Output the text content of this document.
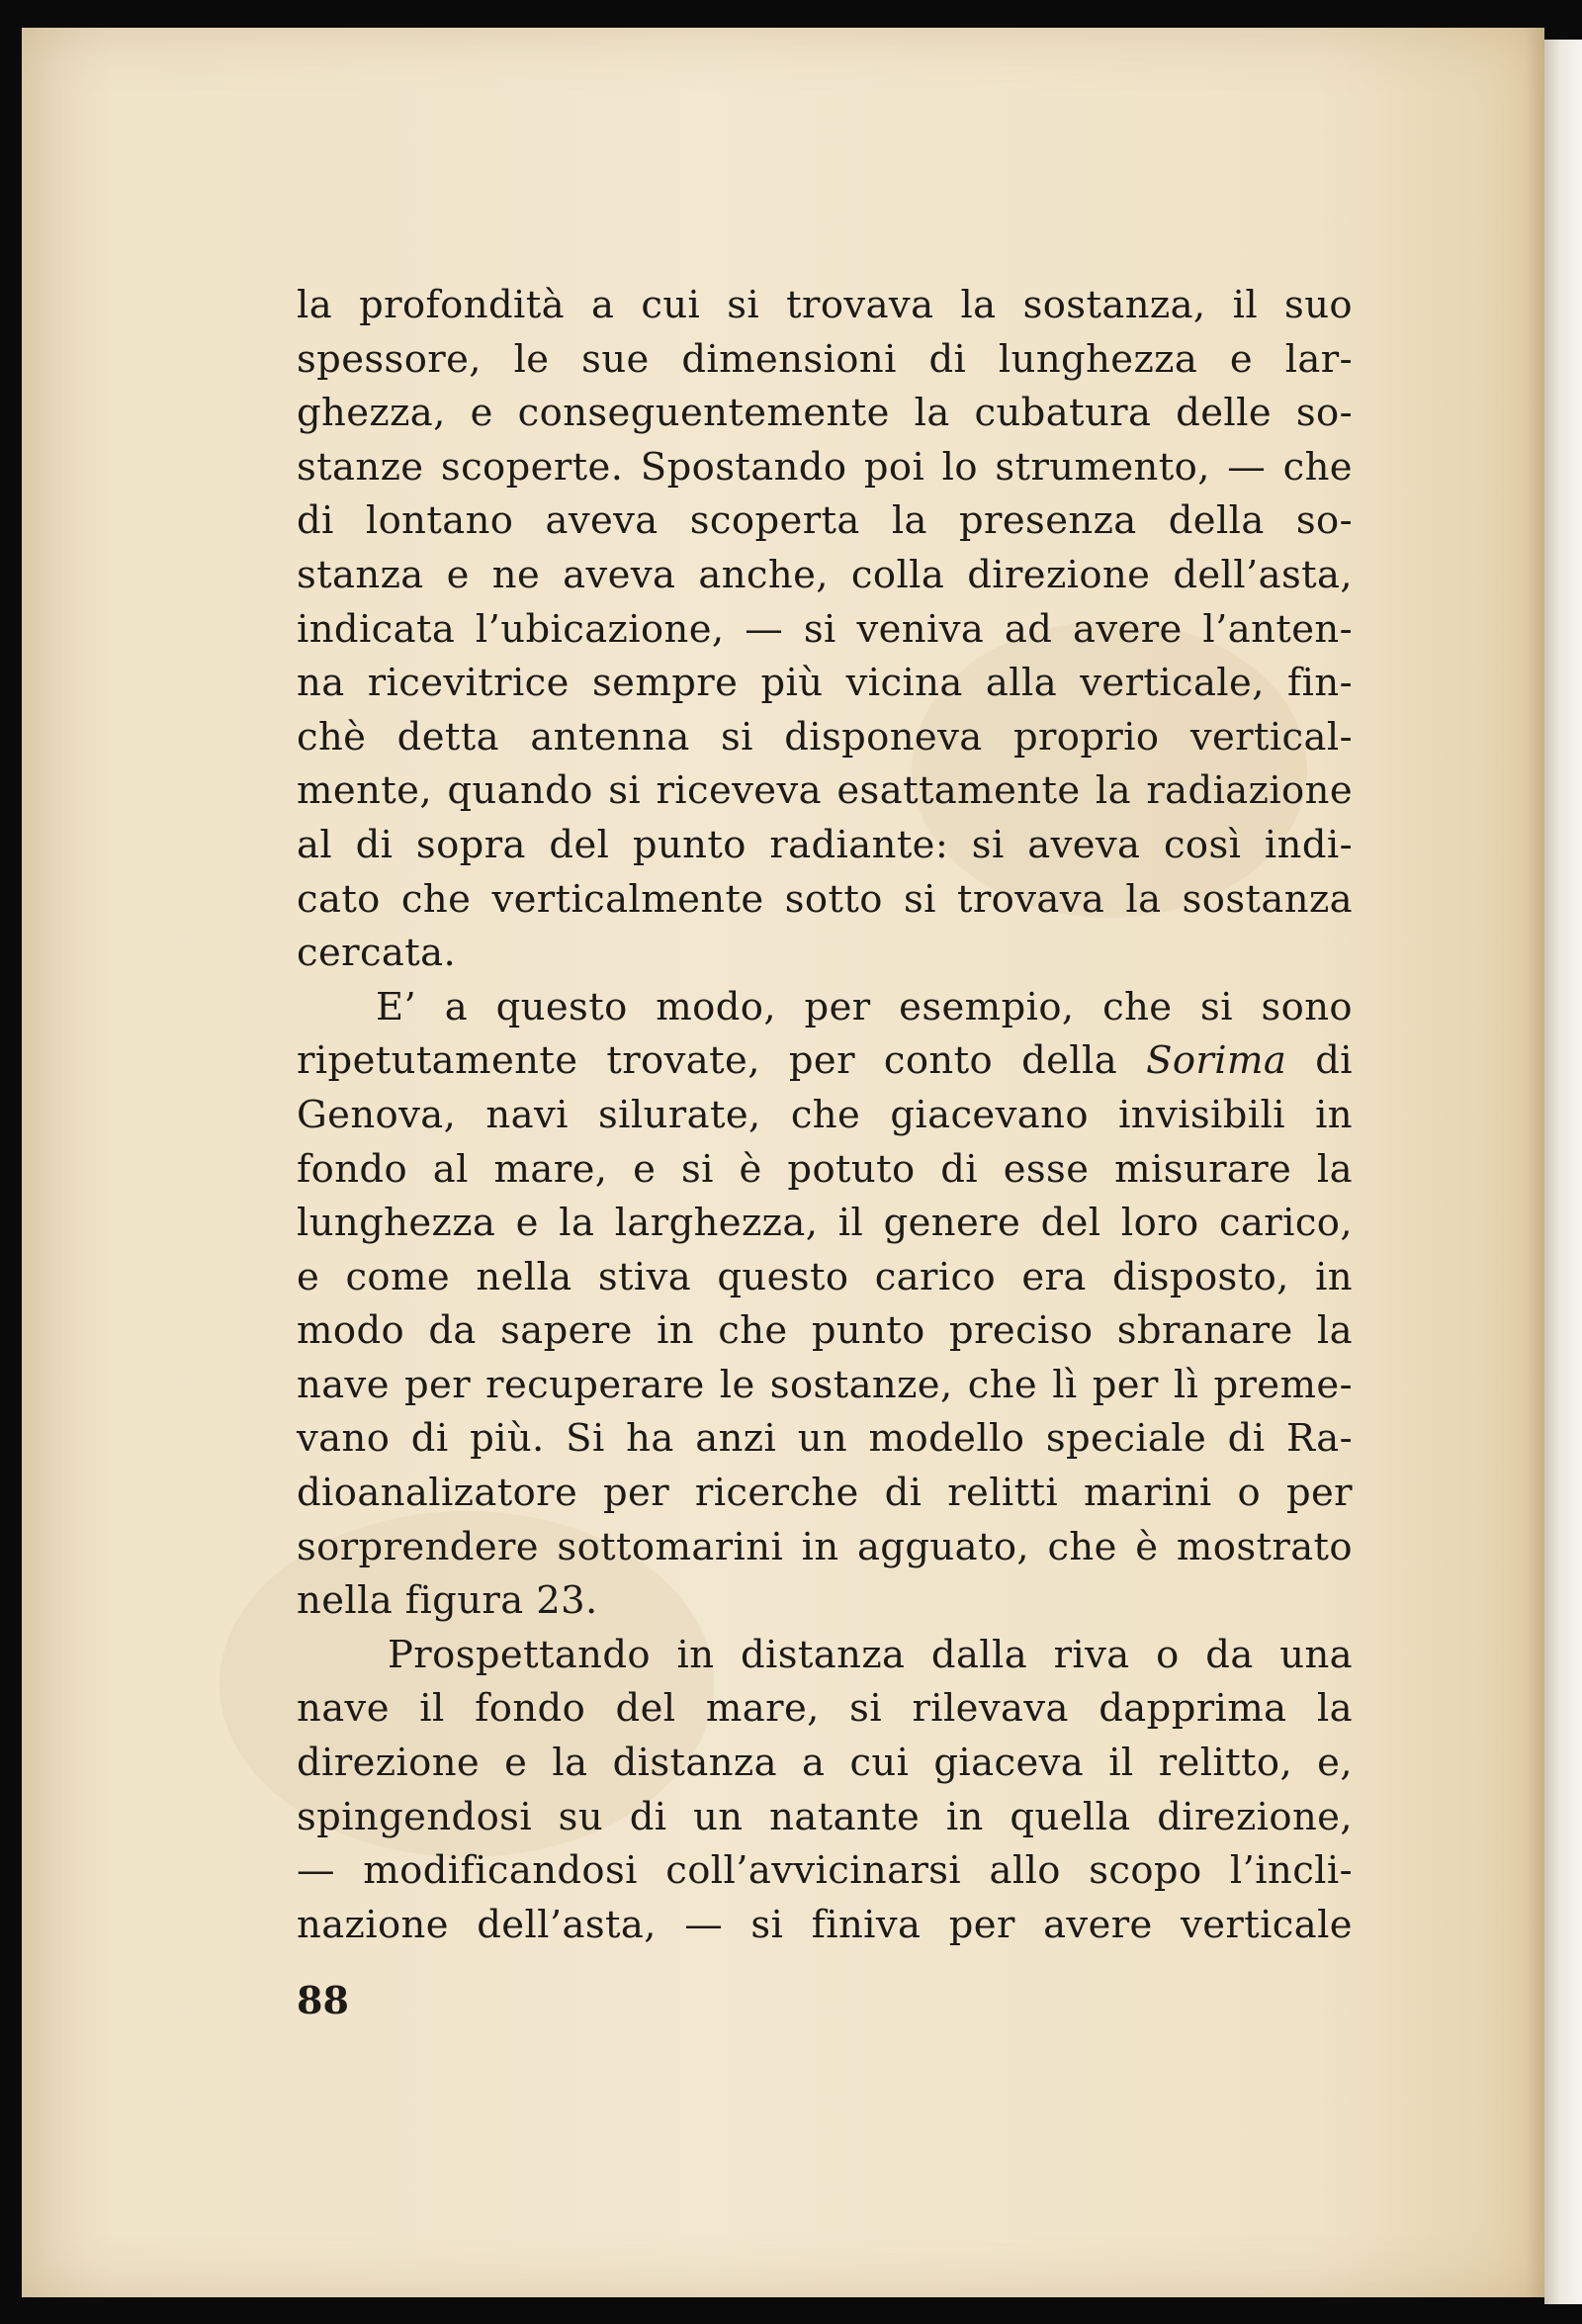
la profondità a cui si trovava la sostanza, il suo

spessore, le sue dimensioni di lunghezza e lar-

ghezza, e conseguentemente la cubatura delle so-

stanze scoperte. Spostando poi lo strumento, — che

di lontano aveva scoperta la presenza della so-

stanza e ne aveva anche, colla direzione dell’asta,

indicata l’ubicazione, — si veniva ad avere l’anten-

na ricevitrice sempre più vicina alla verticale, fin-

chè detta antenna si disponeva proprio vertical-

mente, quando si riceveva esattamente la radiazione

al di sopra del punto radiante: si aveva così indi-

cato che verticalmente sotto si trovava la sostanza

cercata.

E’ a questo modo, per esempio, che si sono

ripetutamente trovate, per conto della Sorima di

Genova, navi silurate, che giacevano invisibili in

fondo al mare, e si è potuto di esse misurare la

lunghezza e la larghezza, il genere del loro carico,

e come nella stiva questo carico era disposto, in

modo da sapere in che punto preciso sbranare la

nave per recuperare le sostanze, che lì per lì preme-

vano di più. Si ha anzi un modello speciale di Ra-

dioanalizatore per ricerche di relitti marini o per

sorprendere sottomarini in agguato, che è mostrato

nella figura 23.

Prospettando in distanza dalla riva o da una

nave il fondo del mare, si rilevava dapprima la

direzione e la distanza a cui giaceva il relitto, e,

spingendosi su di un natante in quella direzione,

— modificandosi coll’avvicinarsi allo scopo l’incli-

nazione dell’asta, — si finiva per avere verticale

88
